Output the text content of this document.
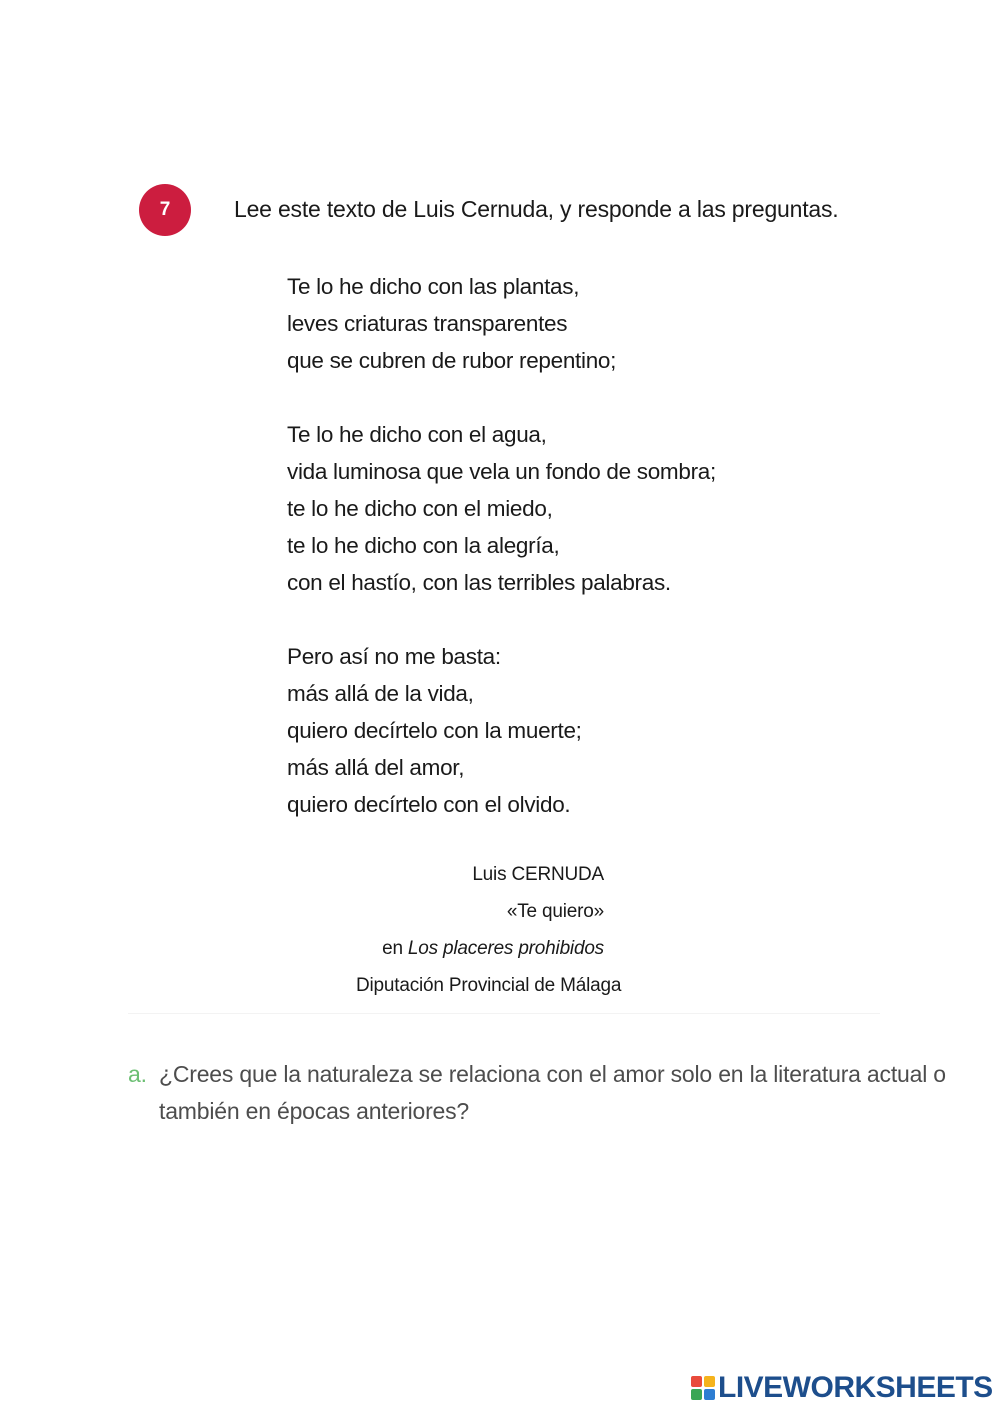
7	Lee este texto de Luis Cernuda, y responde a las preguntas.
Te lo he dicho con las plantas,
leves criaturas transparentes
que se cubren de rubor repentino;
Te lo he dicho con el agua,
vida luminosa que vela un fondo de sombra;
te lo he dicho con el miedo,
te lo he dicho con la alegría,
con el hastío, con las terribles palabras.
Pero así no me basta:
más allá de la vida,
quiero decírtelo con la muerte;
más allá del amor,
quiero decírtelo con el olvido.
Luis CERNUDA
«Te quiero»
en Los placeres prohibidos
Diputación Provincial de Málaga
a. ¿Crees que la naturaleza se relaciona con el amor solo en la literatura actual o también en épocas anteriores?
LIVEWORKSHEETS
